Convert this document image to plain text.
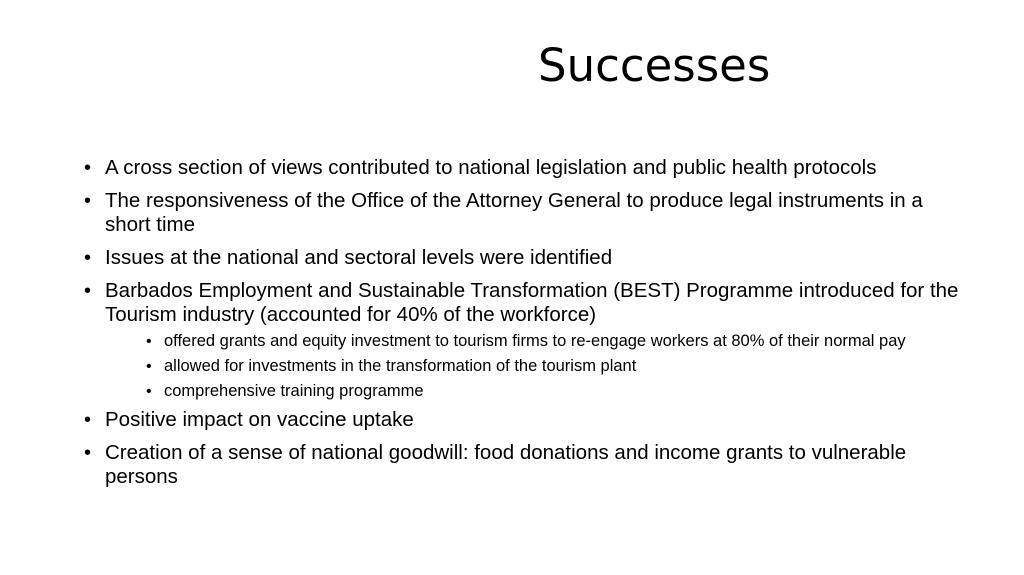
Successes
• A cross section of views contributed to national legislation and public health protocols
• The responsiveness of the Office of the Attorney General to produce legal instruments in a short time
• Issues at the national and sectoral levels were identified
• Barbados Employment and Sustainable Transformation (BEST) Programme introduced for the Tourism industry (accounted for 40% of the workforce)
• offered grants and equity investment to tourism firms to re-engage workers at 80% of their normal pay
• allowed for investments in the transformation of the tourism plant
• comprehensive training programme
• Positive impact on vaccine uptake
• Creation of a sense of national goodwill: food donations and income grants to vulnerable persons
